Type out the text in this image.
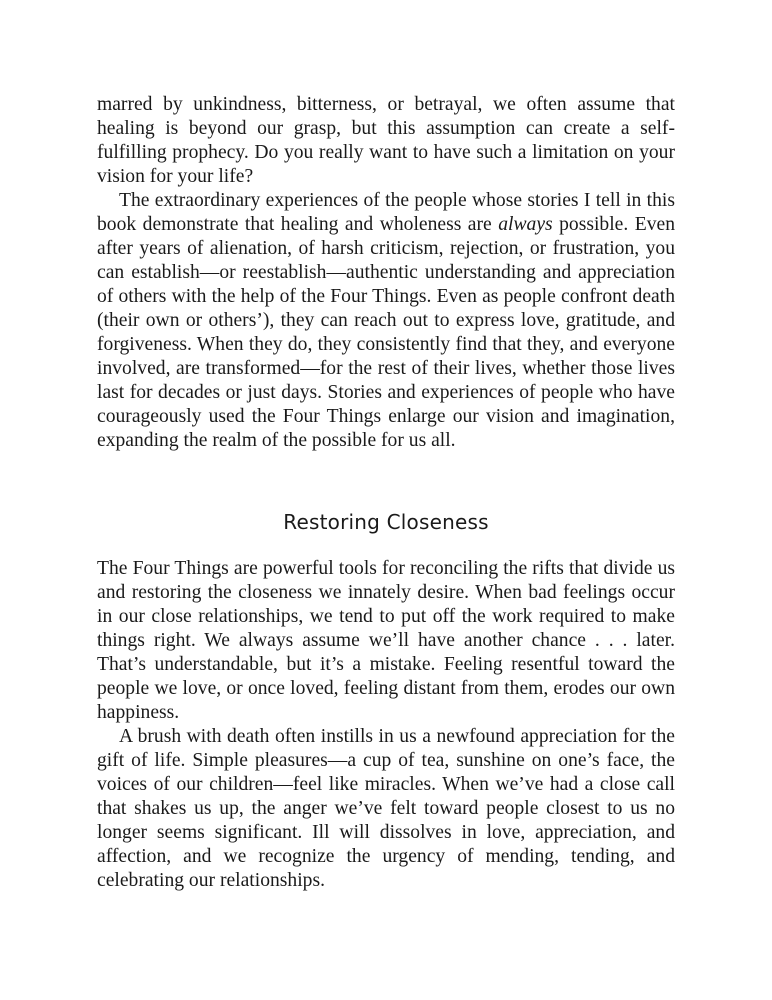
marred by unkindness, bitterness, or betrayal, we often assume that healing is beyond our grasp, but this assumption can create a self-fulfilling prophecy. Do you really want to have such a limitation on your vision for your life?

The extraordinary experiences of the people whose stories I tell in this book demonstrate that healing and wholeness are always possible. Even after years of alienation, of harsh criticism, rejection, or frustration, you can establish—or reestablish—authentic understanding and appreciation of others with the help of the Four Things. Even as people confront death (their own or others’), they can reach out to express love, gratitude, and forgiveness. When they do, they consistently find that they, and everyone involved, are transformed—for the rest of their lives, whether those lives last for decades or just days. Stories and experiences of people who have courageously used the Four Things enlarge our vision and imagination, expanding the realm of the possible for us all.

Restoring Closeness

The Four Things are powerful tools for reconciling the rifts that divide us and restoring the closeness we innately desire. When bad feelings occur in our close relationships, we tend to put off the work required to make things right. We always assume we’ll have another chance . . . later. That’s understandable, but it’s a mistake. Feeling resentful toward the people we love, or once loved, feeling distant from them, erodes our own happiness.

A brush with death often instills in us a newfound appreciation for the gift of life. Simple pleasures—a cup of tea, sunshine on one’s face, the voices of our children—feel like miracles. When we’ve had a close call that shakes us up, the anger we’ve felt toward people closest to us no longer seems significant. Ill will dissolves in love, appreciation, and affection, and we recognize the urgency of mending, tending, and celebrating our relationships.
